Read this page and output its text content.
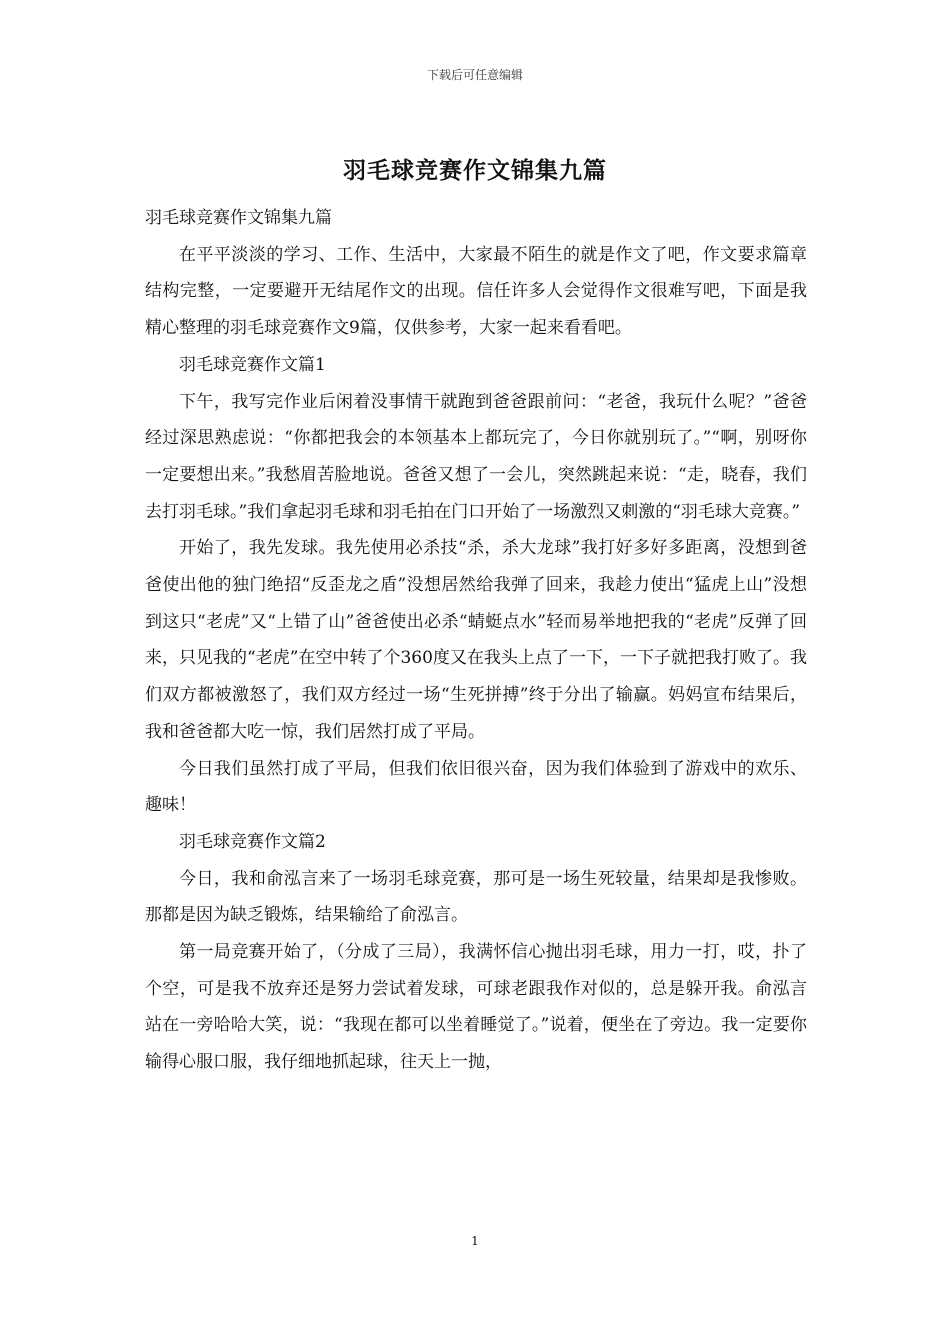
下载后可任意编辑
羽毛球竞赛作文锦集九篇

羽毛球竞赛作文锦集九篇

在平平淡淡的学习、工作、生活中，大家最不陌生的就是作文了吧，作文要求篇章结构完整，一定要避开无结尾作文的出现。信任许多人会觉得作文很难写吧，下面是我精心整理的羽毛球竞赛作文9篇，仅供参考，大家一起来看看吧。

羽毛球竞赛作文篇1

下午，我写完作业后闲着没事情干就跑到爸爸跟前问：“老爸，我玩什么呢？”爸爸经过深思熟虑说：“你都把我会的本领基本上都玩完了，今日你就别玩了。”“啊，别呀你一定要想出来。”我愁眉苦脸地说。爸爸又想了一会儿，突然跳起来说：“走，晓春，我们去打羽毛球。”我们拿起羽毛球和羽毛拍在门口开始了一场激烈又刺激的“羽毛球大竞赛。”

开始了，我先发球。我先使用必杀技“杀，杀大龙球”我打好多好多距离，没想到爸爸使出他的独门绝招“反歪龙之盾”没想居然给我弹了回来，我趁力使出“猛虎上山”没想到这只“老虎”又“上错了山”爸爸使出必杀“蜻蜓点水”轻而易举地把我的“老虎”反弹了回来，只见我的“老虎”在空中转了个360度又在我头上点了一下，一下子就把我打败了。我们双方都被激怒了，我们双方经过一场“生死拼搏”终于分出了输赢。妈妈宣布结果后，我和爸爸都大吃一惊，我们居然打成了平局。

今日我们虽然打成了平局，但我们依旧很兴奋，因为我们体验到了游戏中的欢乐、趣味！

羽毛球竞赛作文篇2

今日，我和俞泓言来了一场羽毛球竞赛，那可是一场生死较量，结果却是我惨败。那都是因为缺乏锻炼，结果输给了俞泓言。

第一局竞赛开始了，（分成了三局），我满怀信心抛出羽毛球，用力一打，哎，扑了个空，可是我不放弃还是努力尝试着发球，可球老跟我作对似的，总是躲开我。俞泓言站在一旁哈哈大笑，说：“我现在都可以坐着睡觉了。”说着，便坐在了旁边。我一定要你输得心服口服，我仔细地抓起球，往天上一抛，

1
